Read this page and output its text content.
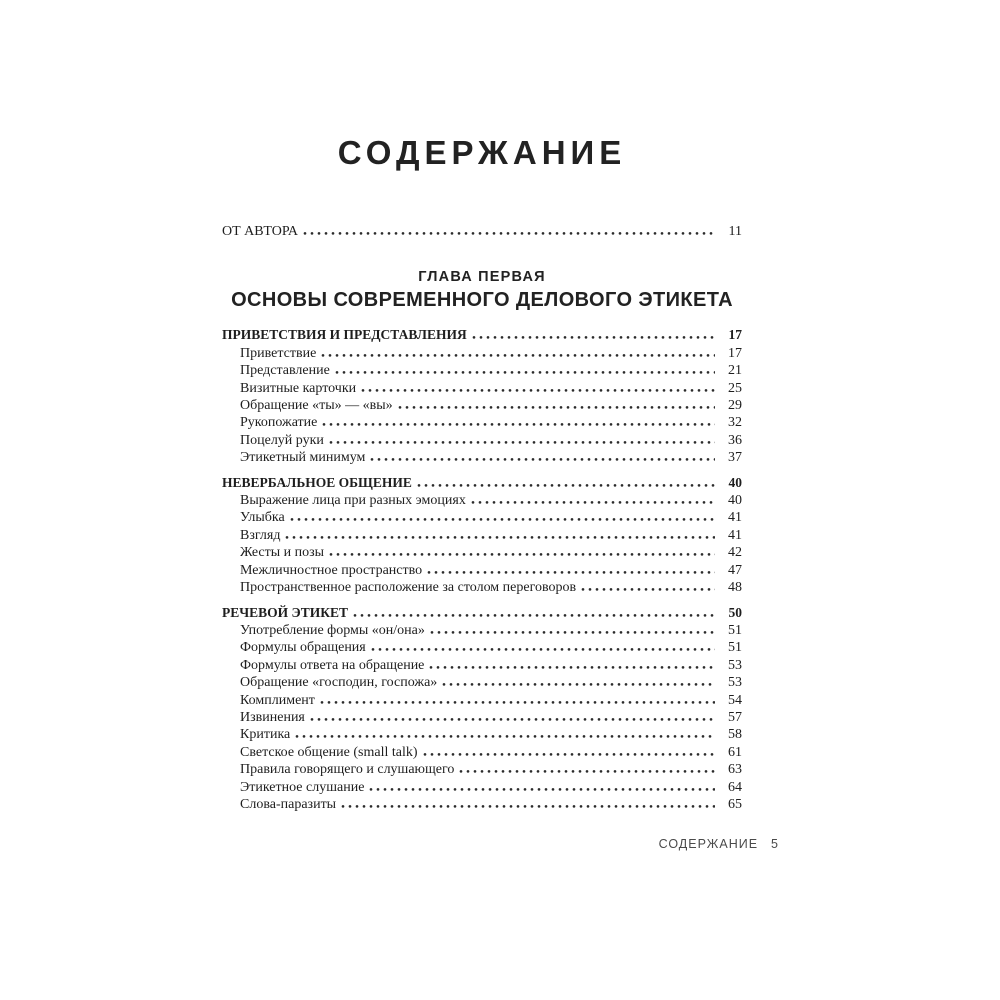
СОДЕРЖАНИЕ
ОТ АВТОРА	11
ГЛАВА ПЕРВАЯ
ОСНОВЫ СОВРЕМЕННОГО ДЕЛОВОГО ЭТИКЕТА
ПРИВЕТСТВИЯ И ПРЕДСТАВЛЕНИЯ	17
Приветствие	17
Представление	21
Визитные карточки	25
Обращение «ты» — «вы»	29
Рукопожатие	32
Поцелуй руки	36
Этикетный минимум	37
НЕВЕРБАЛЬНОЕ ОБЩЕНИЕ	40
Выражение лица при разных эмоциях	40
Улыбка	41
Взгляд	41
Жесты и позы	42
Межличностное пространство	47
Пространственное расположение за столом переговоров	48
РЕЧЕВОЙ ЭТИКЕТ	50
Употребление формы «он/она»	51
Формулы обращения	51
Формулы ответа на обращение	53
Обращение «господин, госпожа»	53
Комплимент	54
Извинения	57
Критика	58
Светское общение (small talk)	61
Правила говорящего и слушающего	63
Этикетное слушание	64
Слова-паразиты	65
СОДЕРЖАНИЕ 5
